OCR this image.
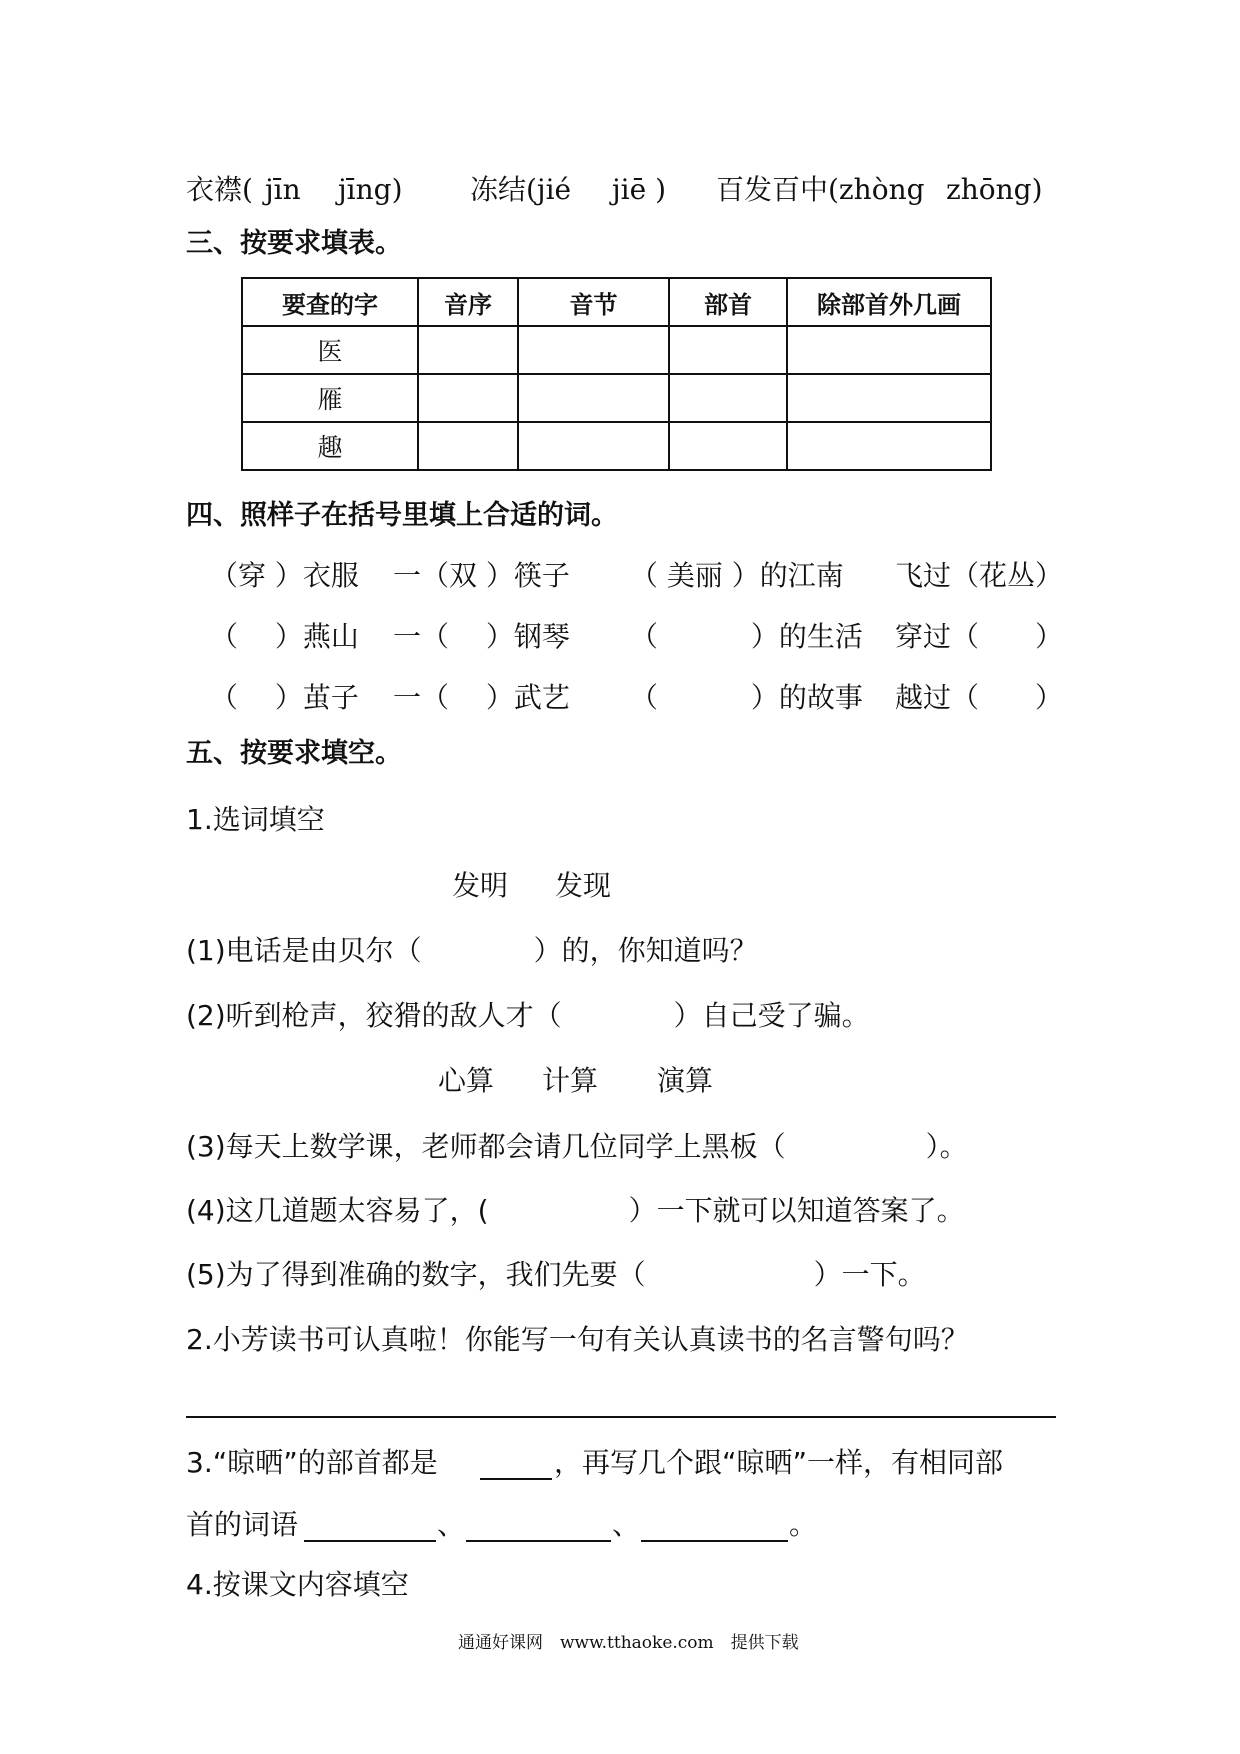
衣襟( jīn jīng) 冻结(jié jiē ) 百发百中(zhòng zhōng)
三、按要求填表。
要查的字	音序	音节	部首	除部首外几画
医				
雁				
趣				
四、照样子在括号里填上合适的词。
（穿 ）衣服 一（双 ）筷子 （ 美丽 ）的江南 飞过（花丛）
（　 ）燕山 一（　 ）钢琴 （　　　 ）的生活 穿过（　　）
（　 ）茧子 一（　 ）武艺 （　　　 ）的故事 越过（　　）
五、按要求填空。
1.选词填空
发明 发现
(1)电话是由贝尔（　　　　）的，你知道吗？
(2)听到枪声，狡猾的敌人才（　　　　）自己受了骗。
心算 计算 演算
(3)每天上数学课，老师都会请几位同学上黑板（　　　　　）。
(4)这几道题太容易了，(　　　　　）一下就可以知道答案了。
(5)为了得到准确的数字，我们先要（　　　　　　）一下。
2.小芳读书可认真啦！你能写一句有关认真读书的名言警句吗？
3.“晾晒”的部首都是	，再写几个跟“晾晒”一样，有相同部
首的词语	、	、	。
4.按课文内容填空
通通好课网　www.tthaoke.com　提供下载
